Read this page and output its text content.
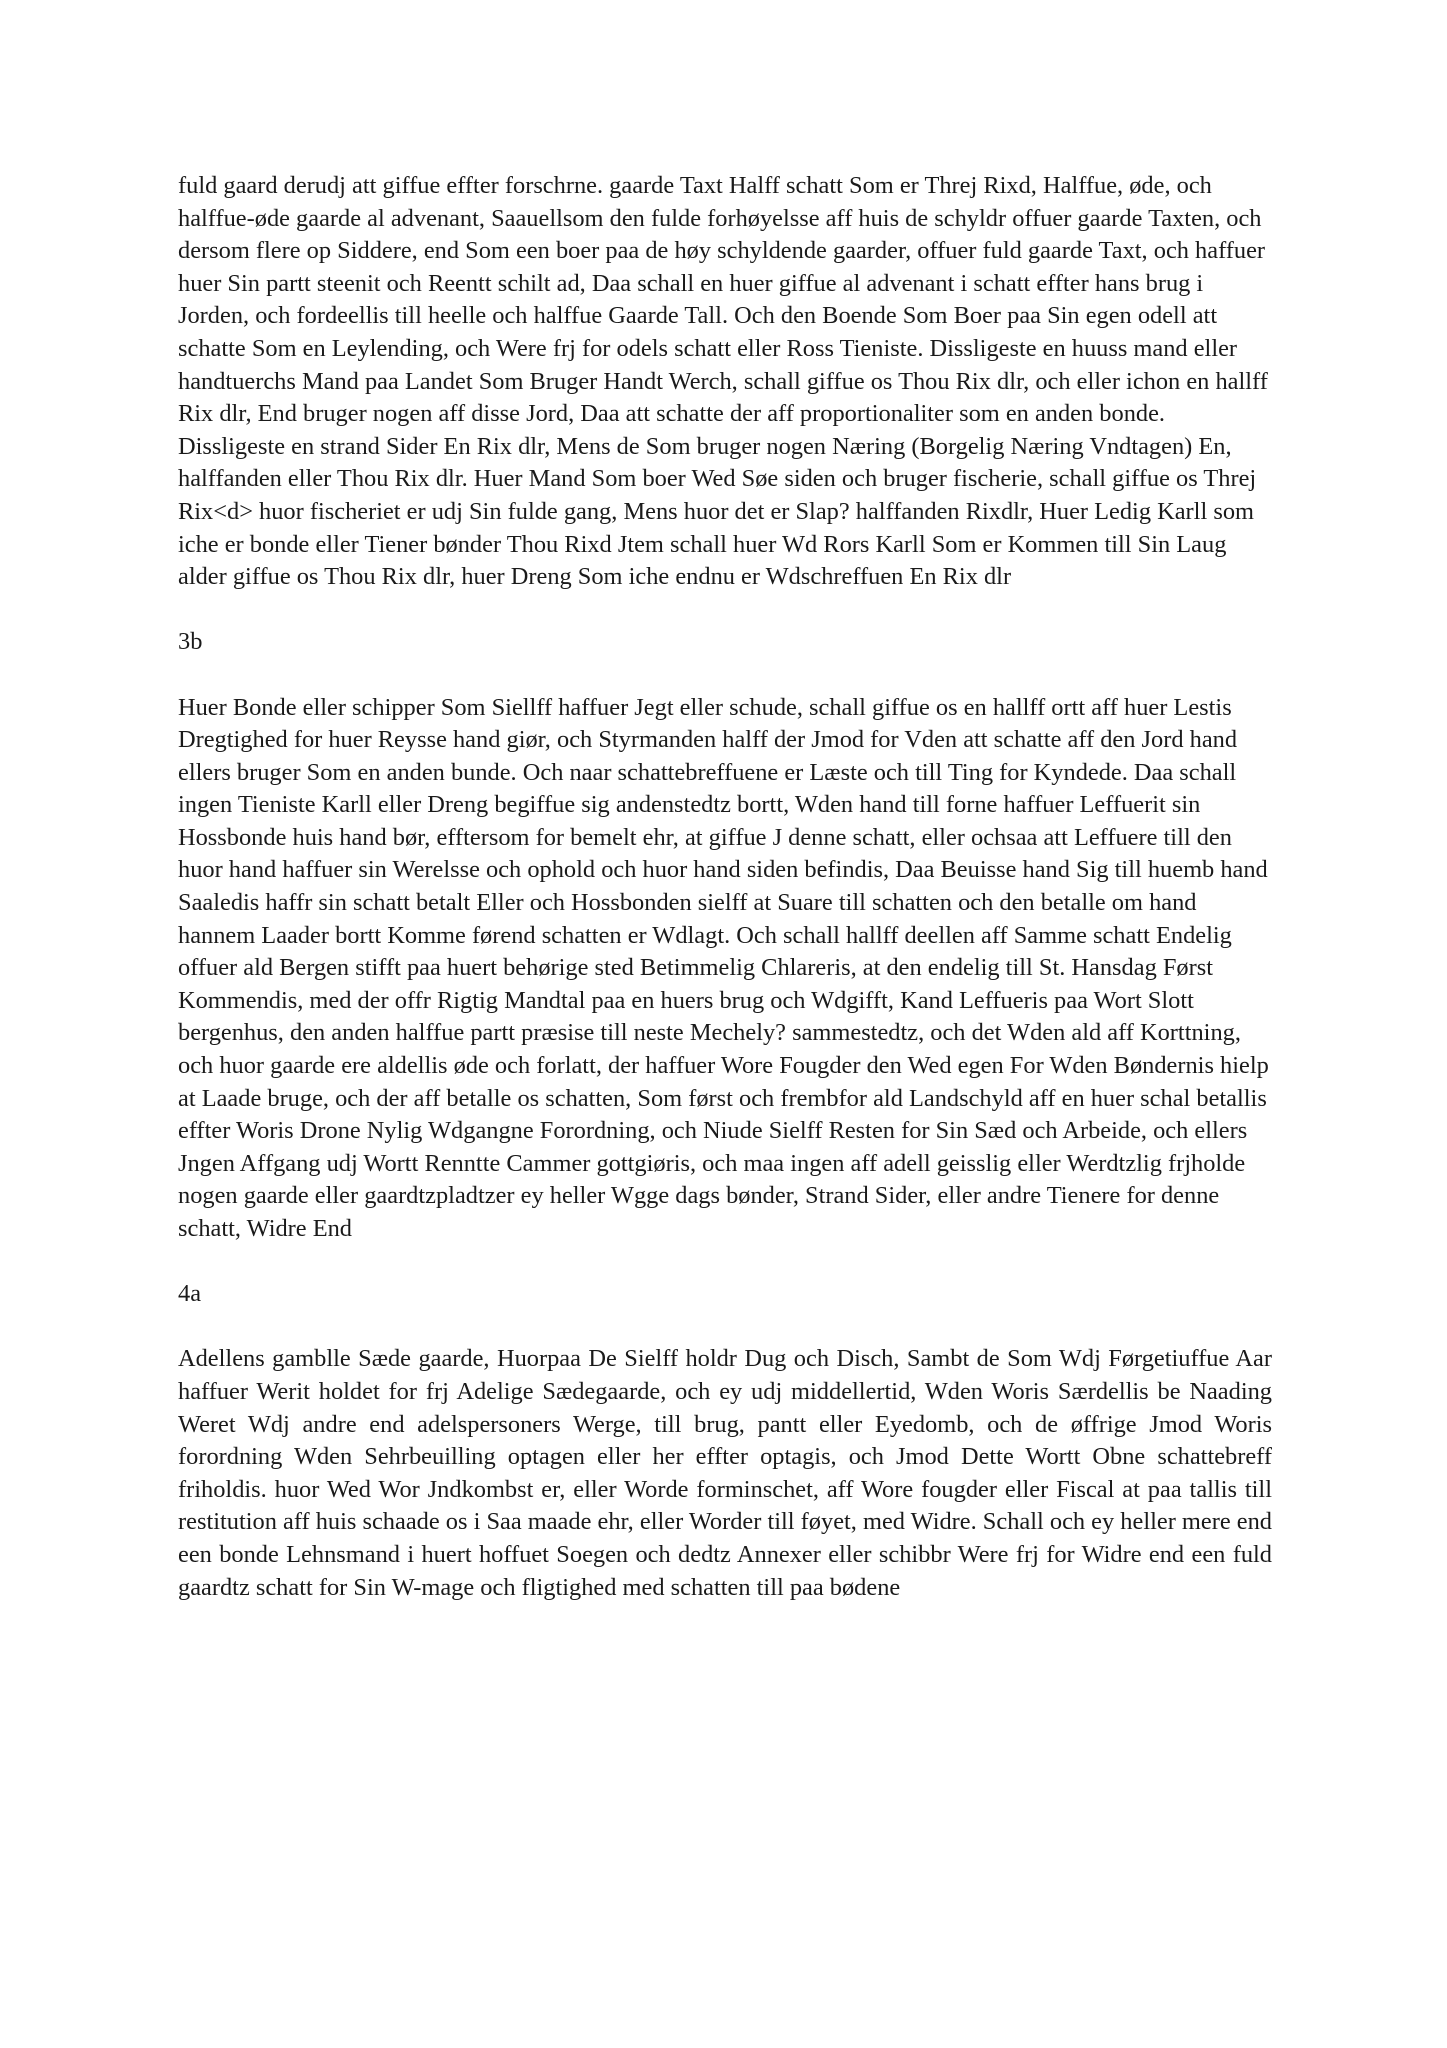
fuld gaard derudj att giffue effter forschrne. gaarde Taxt Halff schatt Som er Threj Rixd, Halffue, øde, och halffue-øde gaarde al advenant, Saauellsom den fulde forhøyelsse aff huis de schyldr offuer gaarde Taxten, och dersom flere op Siddere, end Som een boer paa de høy schyldende gaarder, offuer fuld gaarde Taxt, och haffuer huer Sin partt steenit och Reentt schilt ad, Daa schall en huer giffue al advenant i schatt effter hans brug i Jorden, och fordeellis till heelle och halffue Gaarde Tall. Och den Boende Som Boer paa Sin egen odell att schatte Som en Leylending, och Were frj for odels schatt eller Ross Tieniste. Dissligeste en huuss mand eller handtuerchs Mand paa Landet Som Bruger Handt Werch, schall giffue os Thou Rix dlr, och eller ichon en hallff Rix dlr, End bruger nogen aff disse Jord, Daa att schatte der aff proportionaliter som en anden bonde. Dissligeste en strand Sider En Rix dlr, Mens de Som bruger nogen Næring (Borgelig Næring Vndtagen) En, halffanden eller Thou Rix dlr. Huer Mand Som boer Wed Søe siden och bruger fischerie, schall giffue os Threj Rix<d> huor fischeriet er udj Sin fulde gang, Mens huor det er Slap? halffanden Rixdlr, Huer Ledig Karll som iche er bonde eller Tiener bønder Thou Rixd Jtem schall huer Wd Rors Karll Som er Kommen till Sin Laug alder giffue os Thou Rix dlr, huer Dreng Som iche endnu er Wdschreffuen En Rix dlr

3b

Huer Bonde eller schipper Som Siellff haffuer Jegt eller schude, schall giffue os en hallff ortt aff huer Lestis Dregtighed for huer Reysse hand giør, och Styrmanden halff der Jmod for Vden att schatte aff den Jord hand ellers bruger Som en anden bunde. Och naar schattebreffuene er Læste och till Ting for Kyndede. Daa schall ingen Tieniste Karll eller Dreng begiffue sig andenstedtz bortt, Wden hand till forne haffuer Leffuerit sin Hossbonde huis hand bør, efftersom for bemelt ehr, at giffue J denne schatt, eller ochsaa att Leffuere till den huor hand haffuer sin Werelsse och ophold och huor hand siden befindis, Daa Beuisse hand Sig till huemb hand Saaledis haffr sin schatt betalt Eller och Hossbonden sielff at Suare till schatten och den betalle om hand hannem Laader bortt Komme førend schatten er Wdlagt. Och schall hallff deellen aff Samme schatt Endelig offuer ald Bergen stifft paa huert behørige sted Betimmelig Chlareris, at den endelig till St. Hansdag Først Kommendis, med der offr Rigtig Mandtal paa en huers brug och Wdgifft, Kand Leffueris paa Wort Slott bergenhus, den anden halffue partt præsise till neste Mechely? sammestedtz, och det Wden ald aff Korttning, och huor gaarde ere aldellis øde och forlatt, der haffuer Wore Fougder den Wed egen For Wden Bøndernis hielp at Laade bruge, och der aff betalle os schatten, Som først och frembfor ald Landschyld aff en huer schal betallis effter Woris Drone Nylig Wdgangne Forordning, och Niude Sielff Resten for Sin Sæd och Arbeide, och ellers Jngen Affgang udj Wortt Renntte Cammer gottgiøris, och maa ingen aff adell geisslig eller Werdtzlig frjholde nogen gaarde eller gaardtzpladtzer ey heller Wgge dags bønder, Strand Sider, eller andre Tienere for denne schatt, Widre End

4a

Adellens gamblle Sæde gaarde, Huorpaa De Sielff holdr Dug och Disch, Sambt de Som Wdj Førgetiuffue Aar haffuer Werit holdet for frj Adelige Sædegaarde, och ey udj middellertid, Wden Woris Særdellis be Naading Weret Wdj andre end adelspersoners Werge, till brug, pantt eller Eyedomb, och de øffrige Jmod Woris forordning Wden Sehrbeuilling optagen eller her effter optagis, och Jmod Dette Wortt Obne schattebreff friholdis. huor Wed Wor Jndkombst er, eller Worde forminschet, aff Wore fougder eller Fiscal at paa tallis till restitution aff huis schaade os i Saa maade ehr, eller Worder till føyet, med Widre. Schall och ey heller mere end een bonde Lehnsmand i huert hoffuet Soegen och dedtz Annexer eller schibbr Were frj for Widre end een fuld gaardtz schatt for Sin W-mage och fligtighed med schatten till paa bødene
